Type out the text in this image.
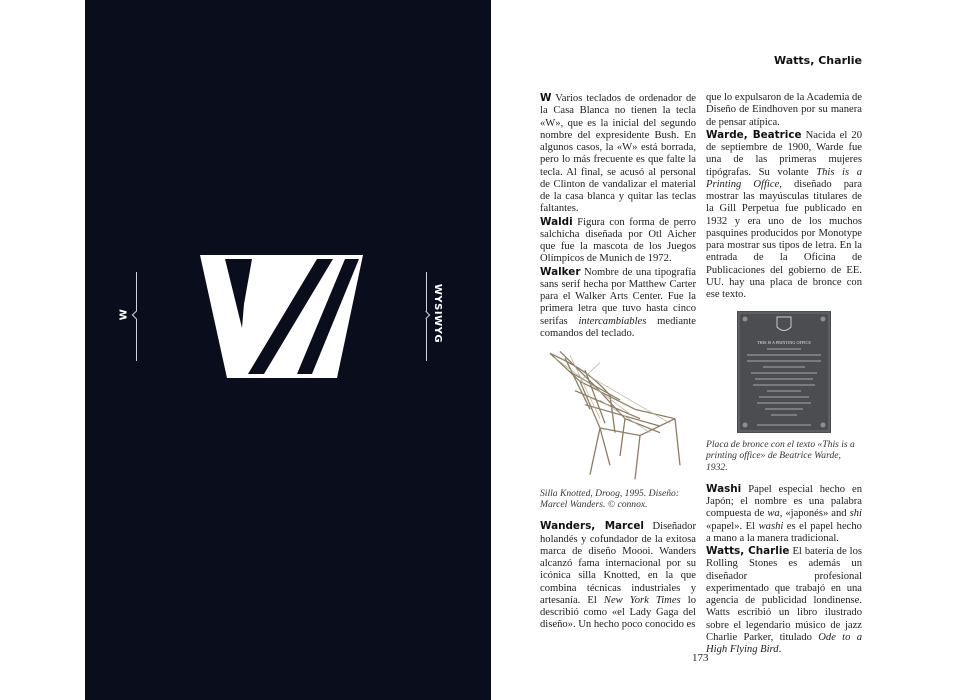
W	WYSIWYG
Watts, Charlie

W Varios teclados de ordenador de la Casa Blanca no tienen la tecla «W», que es la inicial del segundo nombre del expresidente Bush. En algunos casos, la «W» está borrada, pero lo más frecuente es que falte la tecla. Al final, se acusó al personal de Clinton de vandalizar el material de la casa blanca y quitar las teclas faltantes.

Waldi Figura con forma de perro salchicha diseñada por Otl Aicher que fue la mascota de los Juegos Olímpicos de Munich de 1972.

Walker Nombre de una tipografía sans serif hecha por Matthew Carter para el Walker Arts Center. Fue la primera letra que tuvo hasta cinco serifas intercambiables mediante comandos del teclado.

Silla Knotted, Droog, 1995. Diseño: Marcel Wanders. © connox.

Wanders, Marcel Diseñador holandés y cofundador de la exitosa marca de diseño Moooi. Wanders alcanzó fama internacional por su icónica silla Knotted, en la que combina técnicas industriales y artesanía. El New York Times lo describió como «el Lady Gaga del diseño». Un hecho poco conocido es

que lo expulsaron de la Academia de Diseño de Eindhoven por su manera de pensar atípica.

Warde, Beatrice Nacida el 20 de septiembre de 1900, Warde fue una de las primeras mujeres tipógrafas. Su volante This is a Printing Office, diseñado para mostrar las mayúsculas titulares de la Gill Perpetua fue publicado en 1932 y era uno de los muchos pasquines producidos por Monotype para mostrar sus tipos de letra. En la entrada de la Oficina de Publicaciones del gobierno de EE. UU. hay una placa de bronce con ese texto.

THIS IS A PRINTING OFFICE
Placa de bronce con el texto «This is a printing office» de Beatrice Warde, 1932.

Washi Papel especial hecho en Japón; el nombre es una palabra compuesta de wa, «japonés» and shi «papel». El washi es el papel hecho a mano a la manera tradicional.

Watts, Charlie El batería de los Rolling Stones es además un diseñador profesional experimentado que trabajó en una agencia de publicidad londinense. Watts escribió un libro ilustrado sobre el legendario músico de jazz Charlie Parker, titulado Ode to a High Flying Bird.

173
